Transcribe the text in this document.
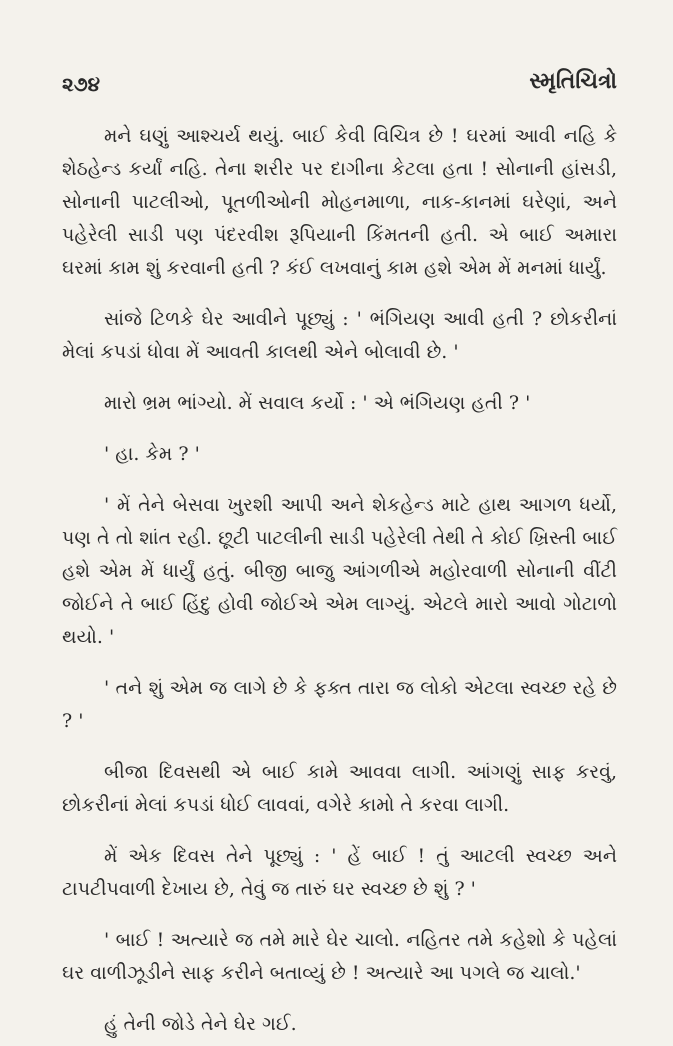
૨૭૪	સ્મૃતિચિત્રો

મને ઘણું આશ્ચર્ય થયું. બાઈ કેવી વિચિત્ર છે ! ઘરમાં આવી નહિ કે શેઠહેન્ડ કર્યાં નહિ. તેના શરીર પર દાગીના કેટલા હતા ! સોનાની હાંસડી, સોનાની પાટલીઓ, પૂતળીઓની મોહનમાળા, નાક-કાનમાં ઘરેણાં, અને પહેરેલી સાડી પણ પંદરવીશ રૂપિયાની કિંમતની હતી. એ બાઈ અમારા ઘરમાં કામ શું કરવાની હતી ? કંઈ લખવાનું કામ હશે એમ મેં મનમાં ધાર્યું.

સાંજે ટિળકે ઘેર આવીને પૂછ્યું : ' ભંગિયણ આવી હતી ? છોકરીનાં મેલાં કપડાં ધોવા મેં આવતી કાલથી એને બોલાવી છે. '

મારો ભ્રમ ભાંગ્યો. મેં સવાલ કર્યો : ' એ ભંગિયણ હતી ? '

' હા. કેમ ? '

' મેં તેને બેસવા ખુરશી આપી અને શેકહેન્ડ માટે હાથ આગળ ધર્યો, પણ તે તો શાંત રહી. છૂટી પાટલીની સાડી પહેરેલી તેથી તે કોઈ ખ્રિસ્તી બાઈ હશે એમ મેં ધાર્યું હતું. બીજી બાજુ આંગળીએ મહોરવાળી સોનાની વીંટી જોઈને તે બાઈ હિંદુ હોવી જોઈએ એમ લાગ્યું. એટલે મારો આવો ગોટાળો થયો. '

' તને શું એમ જ લાગે છે કે ફક્ત તારા જ લોકો એટલા સ્વચ્છ રહે છે ? '

બીજા દિવસથી એ બાઈ કામે આવવા લાગી. આંગણું સાફ કરવું, છોકરીનાં મેલાં કપડાં ધોઈ લાવવાં, વગેરે કામો તે કરવા લાગી.

મેં એક દિવસ તેને પૂછ્યું : ' હેં બાઈ ! તું આટલી સ્વચ્છ અને ટાપટીપવાળી દેખાય છે, તેવું જ તારું ઘર સ્વચ્છ છે શું ? '

' બાઈ ! અત્યારે જ તમે મારે ઘેર ચાલો. નહિતર તમે કહેશો કે પહેલાં ઘર વાળીઝૂડીને સાફ કરીને બતાવ્યું છે ! અત્યારે આ પગલે જ ચાલો.'

હું તેની જોડે તેને ઘેર ગઈ.
